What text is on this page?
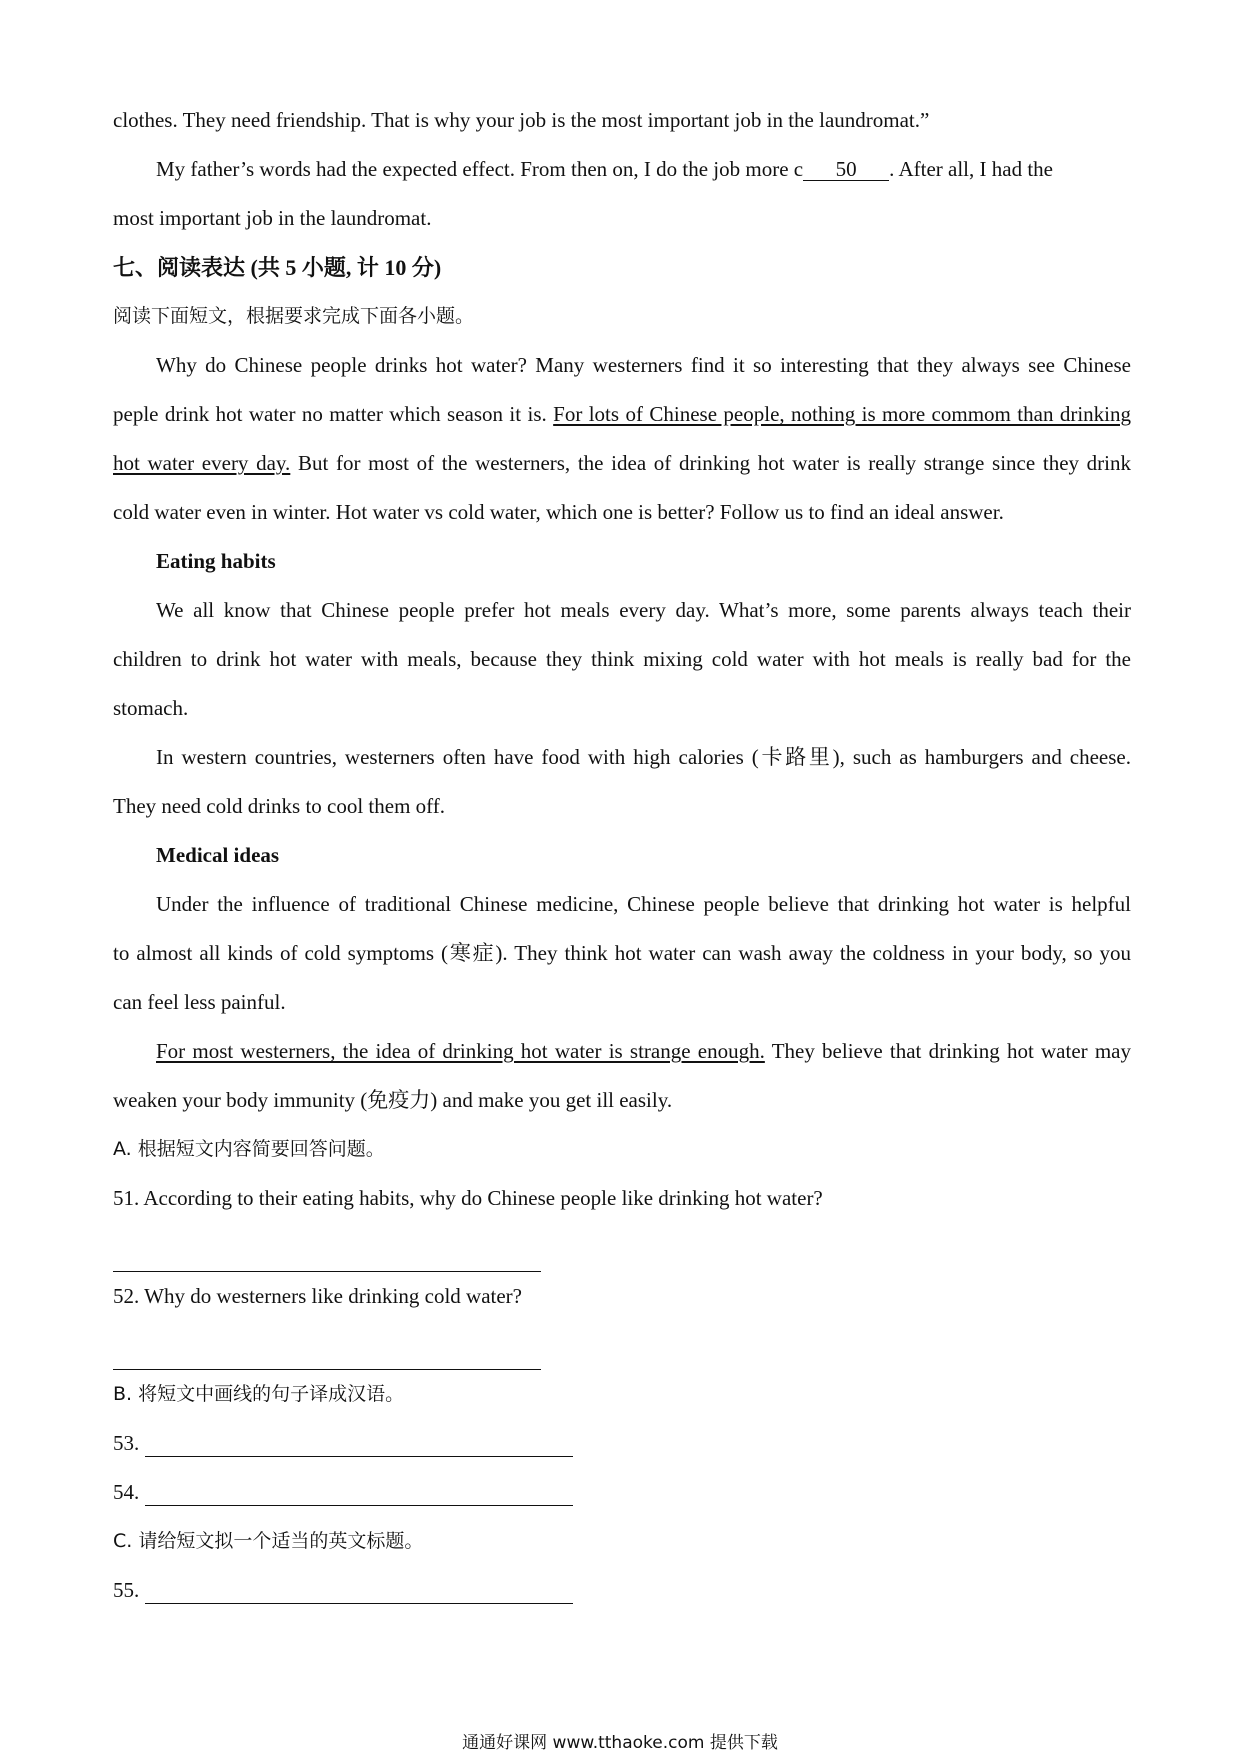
clothes. They need friendship. That is why your job is the most important job in the laundromat.”

My father’s words had the expected effect. From then on, I do the job more c 50 . After all, I had the

most important job in the laundromat.

七、阅读表达 (共 5 小题, 计 10 分)

阅读下面短文，根据要求完成下面各小题。

Why do Chinese people drinks hot water? Many westerners find it so interesting that they always see Chinese

peple drink hot water no matter which season it is. For lots of Chinese people, nothing is more commom than drinking

hot water every day. But for most of the westerners, the idea of drinking hot water is really strange since they drink

cold water even in winter. Hot water vs cold water, which one is better? Follow us to find an ideal answer.

Eating habits

We all know that Chinese people prefer hot meals every day. What’s more, some parents always teach their

children to drink hot water with meals, because they think mixing cold water with hot meals is really bad for the

stomach.

In western countries, westerners often have food with high calories (卡路里), such as hamburgers and cheese.

They need cold drinks to cool them off.

Medical ideas

Under the influence of traditional Chinese medicine, Chinese people believe that drinking hot water is helpful

to almost all kinds of cold symptoms (寒症). They think hot water can wash away the coldness in your body, so you

can feel less painful.

For most westerners, the idea of drinking hot water is strange enough. They believe that drinking hot water may

weaken your body immunity (免疫力) and make you get ill easily.

A. 根据短文内容简要回答问题。

51. According to their eating habits, why do Chinese people like drinking hot water?

52. Why do westerners like drinking cold water?

B. 将短文中画线的句子译成汉语。

53.

54.

C. 请给短文拟一个适当的英文标题。

55.

通通好课网 www.tthaoke.com 提供下载
